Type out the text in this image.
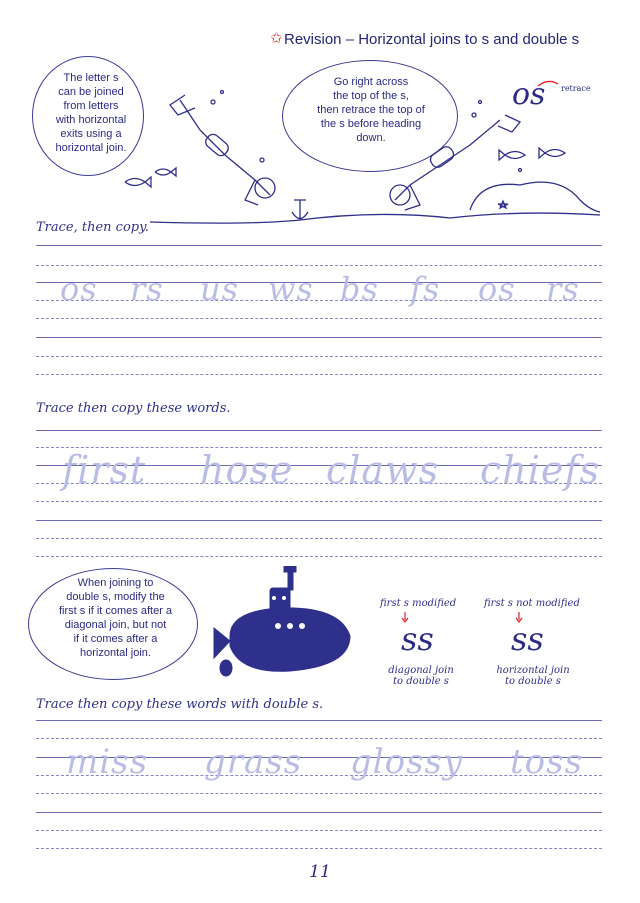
✩ Revision – Horizontal joins to s and double s
The letter s
can be joined
from letters
with horizontal
exits using a
horizontal join.
Go right across
the top of the s,
then retrace the top of
the s before heading
down.
os retrace
Trace, then copy.
os rs us ws bs fs os rs
Trace then copy these words.
first hose claws chiefs
When joining to
double s, modify the
first s if it comes after a
diagonal join, but not
if it comes after a
horizontal join.
first s modified	first s not modified
ss ss
diagonal join
to double s
horizontal join
to double s
Trace then copy these words with double s.
miss grass glossy toss
11
